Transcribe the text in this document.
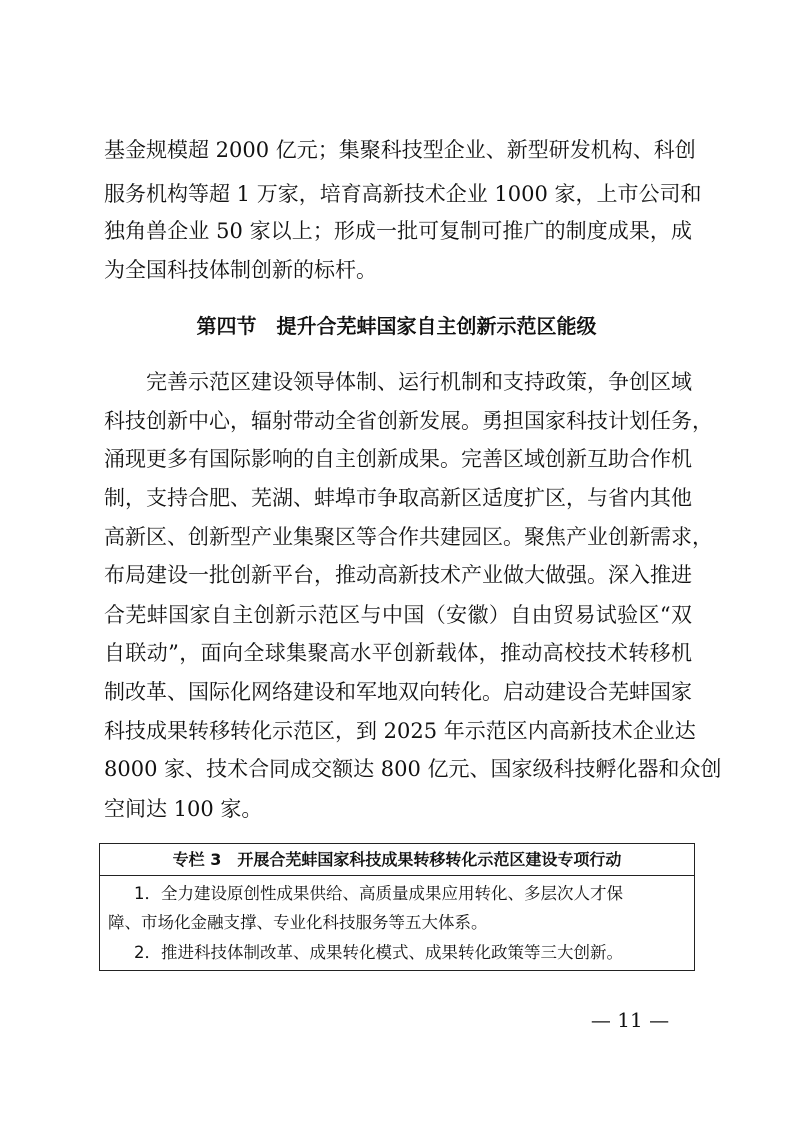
基金规模超 2000 亿元；集聚科技型企业、新型研发机构、科创
服务机构等超 1 万家，培育高新技术企业 1000 家，上市公司和
独角兽企业 50 家以上；形成一批可复制可推广的制度成果，成
为全国科技体制创新的标杆。
第四节　提升合芜蚌国家自主创新示范区能级
完善示范区建设领导体制、运行机制和支持政策，争创区域
科技创新中心，辐射带动全省创新发展。勇担国家科技计划任务，
涌现更多有国际影响的自主创新成果。完善区域创新互助合作机
制，支持合肥、芜湖、蚌埠市争取高新区适度扩区，与省内其他
高新区、创新型产业集聚区等合作共建园区。聚焦产业创新需求，
布局建设一批创新平台，推动高新技术产业做大做强。深入推进
合芜蚌国家自主创新示范区与中国（安徽）自由贸易试验区“双
自联动”，面向全球集聚高水平创新载体，推动高校技术转移机
制改革、国际化网络建设和军地双向转化。启动建设合芜蚌国家
科技成果转移转化示范区，到 2025 年示范区内高新技术企业达
8000 家、技术合同成交额达 800 亿元、国家级科技孵化器和众创
空间达 100 家。
专栏 3　开展合芜蚌国家科技成果转移转化示范区建设专项行动
1．全力建设原创性成果供给、高质量成果应用转化、多层次人才保
障、市场化金融支撑、专业化科技服务等五大体系。
2．推进科技体制改革、成果转化模式、成果转化政策等三大创新。
— 11 —
